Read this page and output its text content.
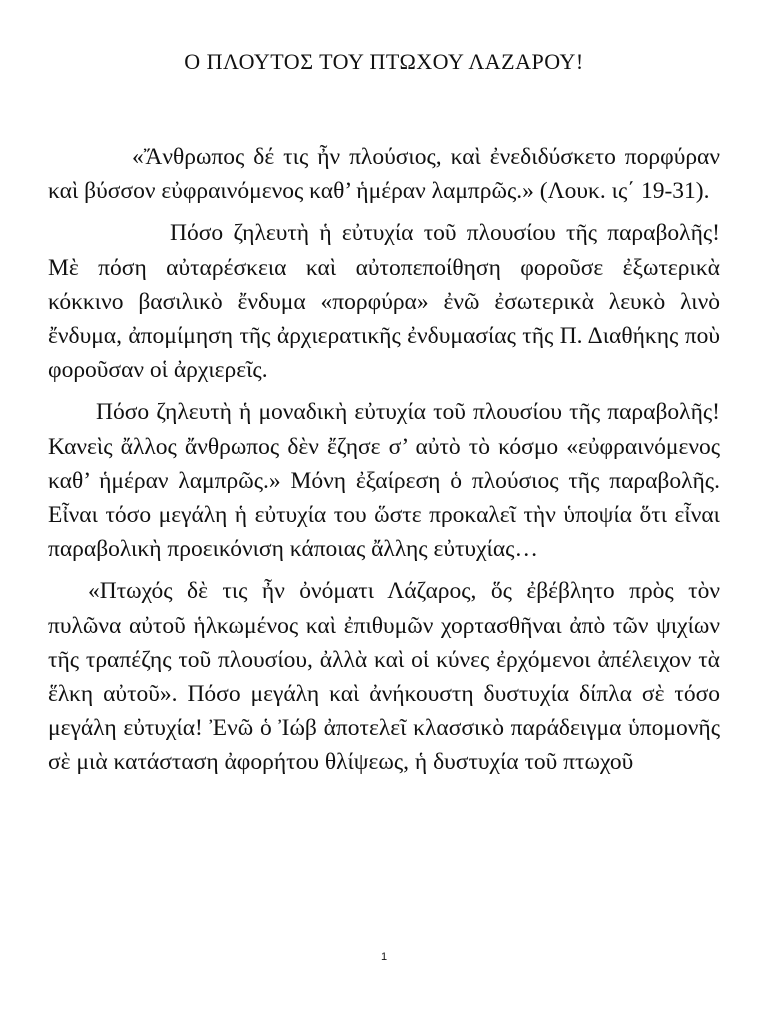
Ο ΠΛΟΥΤΟΣ ΤΟΥ ΠΤΩΧΟΥ ΛΑΖΑΡΟΥ!

«Ἄνθρωπος δέ τις ἦν πλούσιος, καὶ ἐνεδιδύσκετο πορφύραν καὶ βύσσον εὐφραινόμενος καθ’ ἡμέραν λαμπρῶς.» (Λουκ. ις΄ 19-31).

Πόσο ζηλευτὴ ἡ εὐτυχία τοῦ πλουσίου τῆς παραβολῆς! Μὲ πόση αὐταρέσκεια καὶ αὐτοπεποίθηση φοροῦσε ἐξωτερικὰ κόκκινο βασιλικὸ ἔνδυμα «πορφύρα» ἐνῶ ἐσωτερικὰ λευκὸ λινὸ ἔνδυμα, ἀπομίμηση τῆς ἀρχιερατικῆς ἐνδυμασίας τῆς Π. Διαθήκης ποὺ φοροῦσαν οἱ ἀρχιερεῖς.

Πόσο ζηλευτὴ ἡ μοναδικὴ εὐτυχία τοῦ πλουσίου τῆς παραβολῆς! Κανεὶς ἄλλος ἄνθρωπος δὲν ἔζησε σ’ αὐτὸ τὸ κόσμο «εὐφραινόμενος καθ’ ἡμέραν λαμπρῶς.» Μόνη ἐξαίρεση ὁ πλούσιος τῆς παραβολῆς. Εἶναι τόσο μεγάλη ἡ εὐτυχία του ὥστε προκαλεῖ τὴν ὑποψία ὅτι εἶναι παραβολικὴ προεικόνιση κάποιας ἄλλης εὐτυχίας…

«Πτωχός δὲ τις ἦν ὀνόματι Λάζαρος, ὅς ἐβέβλητο πρὸς τὸν πυλῶνα αὐτοῦ ἡλκωμένος καὶ ἐπιθυμῶν χορτασθῆναι ἀπὸ τῶν ψιχίων τῆς τραπέζης τοῦ πλουσίου, ἀλλὰ καὶ οἱ κύνες ἐρχόμενοι ἀπέλειχον τὰ ἕλκη αὐτοῦ». Πόσο μεγάλη καὶ ἀνήκουστη δυστυχία δίπλα σὲ τόσο μεγάλη εὐτυχία! Ἐνῶ ὁ Ἰώβ ἀποτελεῖ κλασσικὸ παράδειγμα ὑπομονῆς σὲ μιὰ κατάσταση ἀφορήτου θλίψεως, ἡ δυστυχία τοῦ πτωχοῦ

1
